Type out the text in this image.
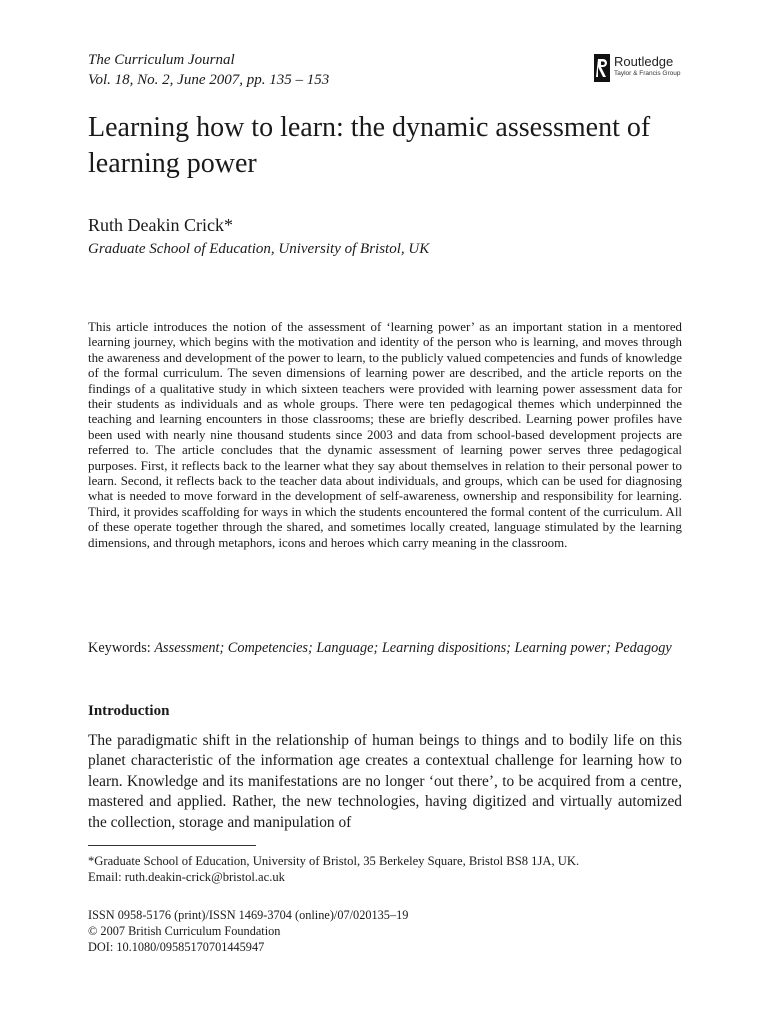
The Curriculum Journal
Vol. 18, No. 2, June 2007, pp. 135 – 153
Routledge
Taylor & Francis Group
Learning how to learn: the dynamic assessment of learning power
Ruth Deakin Crick*
Graduate School of Education, University of Bristol, UK

This article introduces the notion of the assessment of ‘learning power’ as an important station in a mentored learning journey, which begins with the motivation and identity of the person who is learning, and moves through the awareness and development of the power to learn, to the publicly valued competencies and funds of knowledge of the formal curriculum. The seven dimensions of learning power are described, and the article reports on the findings of a qualitative study in which sixteen teachers were provided with learning power assessment data for their students as individuals and as whole groups. There were ten pedagogical themes which underpinned the teaching and learning encounters in those classrooms; these are briefly described. Learning power profiles have been used with nearly nine thousand students since 2003 and data from school-based development projects are referred to. The article concludes that the dynamic assessment of learning power serves three pedagogical purposes. First, it reflects back to the learner what they say about themselves in relation to their personal power to learn. Second, it reflects back to the teacher data about individuals, and groups, which can be used for diagnosing what is needed to move forward in the development of self-awareness, ownership and responsibility for learning. Third, it provides scaffolding for ways in which the students encountered the formal content of the curriculum. All of these operate together through the shared, and sometimes locally created, language stimulated by the learning dimensions, and through metaphors, icons and heroes which carry meaning in the classroom.

Keywords: Assessment; Competencies; Language; Learning dispositions; Learning power; Pedagogy

Introduction

The paradigmatic shift in the relationship of human beings to things and to bodily life on this planet characteristic of the information age creates a contextual challenge for learning how to learn. Knowledge and its manifestations are no longer ‘out there’, to be acquired from a centre, mastered and applied. Rather, the new technologies, having digitized and virtually automized the collection, storage and manipulation of

*Graduate School of Education, University of Bristol, 35 Berkeley Square, Bristol BS8 1JA, UK.
Email: ruth.deakin-crick@bristol.ac.uk
ISSN 0958-5176 (print)/ISSN 1469-3704 (online)/07/020135–19
© 2007 British Curriculum Foundation
DOI: 10.1080/09585170701445947
